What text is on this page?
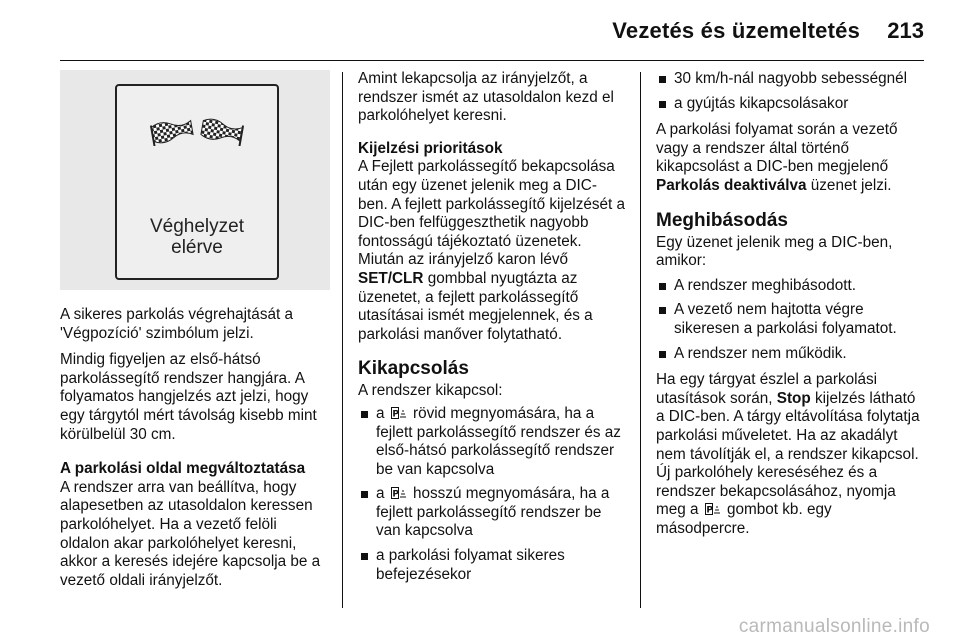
Vezetés és üzemeltetés	213
Véghelyzet
elérve

A sikeres parkolás végrehajtását a 'Végpozíció' szimbólum jelzi.

Mindig figyeljen az első-hátsó parkolássegítő rendszer hangjára. A folyamatos hangjelzés azt jelzi, hogy egy tárgytól mért távolság kisebb mint körülbelül 30 cm.

A parkolási oldal megváltoztatása

A rendszer arra van beállítva, hogy alapesetben az utasoldalon keressen parkolóhelyet. Ha a vezető felöli oldalon akar parkolóhelyet keresni, akkor a keresés idejére kapcsolja be a vezető oldali irányjelzőt.

Amint lekapcsolja az irányjelzőt, a rendszer ismét az utasoldalon kezd el parkolóhelyet keresni.

Kijelzési prioritások

A Fejlett parkolássegítő bekapcsolása után egy üzenet jelenik meg a DIC-ben. A fejlett parkolássegítő kijelzését a DIC-ben felfüggeszthetik nagyobb fontosságú tájékoztató üzenetek. Miután az irányjelző karon lévő SET/CLR gombbal nyugtázta az üzenetet, a fejlett parkolássegítő utasításai ismét megjelennek, és a parkolási manőver folytatható.

Kikapcsolás

A rendszer kikapcsol:

a P rövid megnyomására, ha a fejlett parkolássegítő rendszer és az első-hátsó parkolássegítő rendszer be van kapcsolva
a P hosszú megnyomására, ha a fejlett parkolássegítő rendszer be van kapcsolva
a parkolási folyamat sikeres befejezésekor
30 km/h-nál nagyobb sebességnél
a gyújtás kikapcsolásakor

A parkolási folyamat során a vezető vagy a rendszer által történő kikapcsolást a DIC-ben megjelenő Parkolás deaktiválva üzenet jelzi.

Meghibásodás

Egy üzenet jelenik meg a DIC-ben, amikor:

A rendszer meghibásodott.
A vezető nem hajtotta végre sikeresen a parkolási folyamatot.
A rendszer nem működik.

Ha egy tárgyat észlel a parkolási utasítások során, Stop kijelzés látható a DIC-ben. A tárgy eltávolítása folytatja parkolási műveletet. Ha az akadályt nem távolítják el, a rendszer kikapcsol. Új parkolóhely kereséséhez és a rendszer bekapcsolásához, nyomja meg a P gombot kb. egy másodpercre.

carmanualsonline.info
